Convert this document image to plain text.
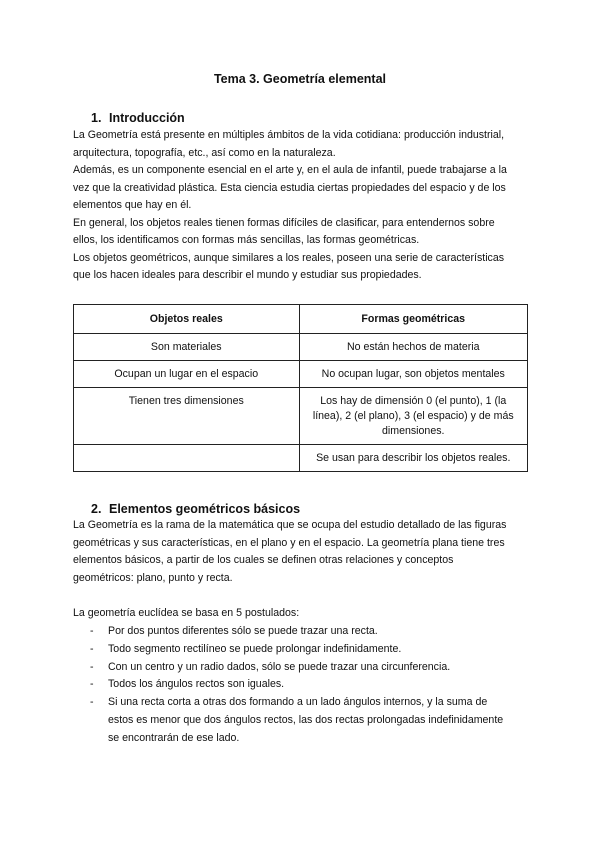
Tema 3. Geometría elemental
1. Introducción
La Geometría está presente en múltiples ámbitos de la vida cotidiana: producción industrial,
arquitectura, topografía, etc., así como en la naturaleza.
Además, es un componente esencial en el arte y, en el aula de infantil, puede trabajarse a la
vez que la creatividad plástica. Esta ciencia estudia ciertas propiedades del espacio y de los
elementos que hay en él.
En general, los objetos reales tienen formas difíciles de clasificar, para entendernos sobre
ellos, los identificamos con formas más sencillas, las formas geométricas.
Los objetos geométricos, aunque similares a los reales, poseen una serie de características
que los hacen ideales para describir el mundo y estudiar sus propiedades.
Objetos reales	Formas geométricas
Son materiales	No están hechos de materia
Ocupan un lugar en el espacio	No ocupan lugar, son objetos mentales
Tienen tres dimensiones	Los hay de dimensión 0 (el punto), 1 (la línea), 2 (el plano), 3 (el espacio) y de más dimensiones.
	Se usan para describir los objetos reales.
2. Elementos geométricos básicos
La Geometría es la rama de la matemática que se ocupa del estudio detallado de las figuras
geométricas y sus características, en el plano y en el espacio. La geometría plana tiene tres
elementos básicos, a partir de los cuales se definen otras relaciones y conceptos
geométricos: plano, punto y recta.
La geometría euclídea se basa en 5 postulados:
- Por dos puntos diferentes sólo se puede trazar una recta.
- Todo segmento rectilíneo se puede prolongar indefinidamente.
- Con un centro y un radio dados, sólo se puede trazar una circunferencia.
- Todos los ángulos rectos son iguales.
- Si una recta corta a otras dos formando a un lado ángulos internos, y la suma de
estos es menor que dos ángulos rectos, las dos rectas prolongadas indefinidamente
se encontrarán de ese lado.
